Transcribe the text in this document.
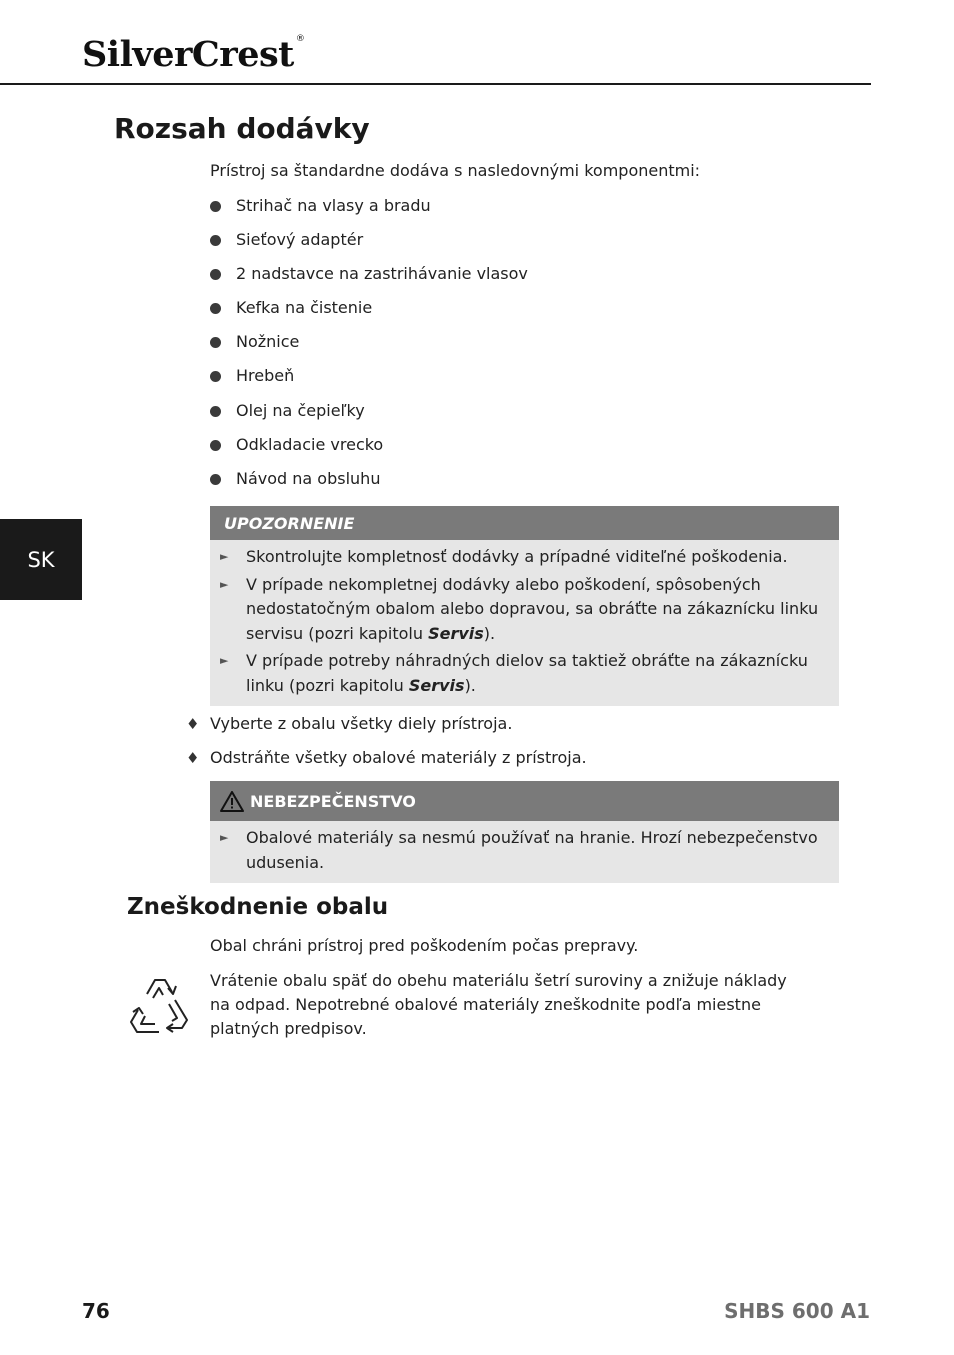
SilverCrest ®
SK
Rozsah dodávky
Prístroj sa štandardne dodáva s nasledovnými komponentmi:
Strihač na vlasy a bradu
Sieťový adaptér
2 nadstavce na zastrihávanie vlasov
Kefka na čistenie
Nožnice
Hrebeň
Olej na čepieľky
Odkladacie vrecko
Návod na obsluhu
UPOZORNENIE
►	Skontrolujte kompletnosť dodávky a prípadné viditeľné poškodenia.
►	V prípade nekompletnej dodávky alebo poškodení, spôsobených nedostatočným obalom alebo dopravou, sa obráťte na zákaznícku linku servisu (pozri kapitolu Servis).
►	V prípade potreby náhradných dielov sa taktiež obráťte na zákaznícku linku (pozri kapitolu Servis).
♦ Vyberte z obalu všetky diely prístroja.
♦ Odstráňte všetky obalové materiály z prístroja.
NEBEZPEČENSTVO
►	Obalové materiály sa nesmú používať na hranie. Hrozí nebezpečenstvo udusenia.
Zneškodnenie obalu
Obal chráni prístroj pred poškodením počas prepravy.
Vrátenie obalu späť do obehu materiálu šetrí suroviny a znižuje náklady na odpad. Nepotrebné obalové materiály zneškodnite podľa miestne platných predpisov.
76	SHBS 600 A1
